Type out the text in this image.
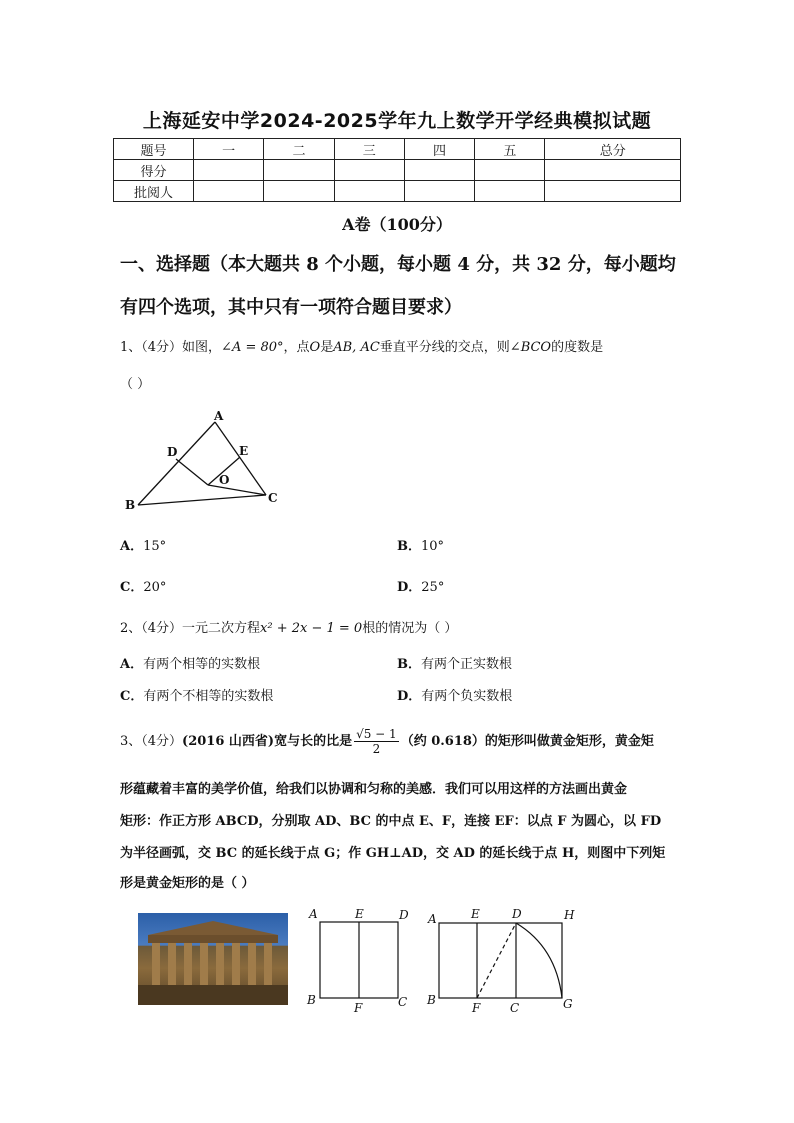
上海延安中学2024-2025学年九上数学开学经典模拟试题
题号	一	二	三	四	五	总分
得分						
批阅人						
A卷（100分）
一、选择题（本大题共 8 个小题，每小题 4 分，共 32 分，每小题均
有四个选项，其中只有一项符合题目要求）
1、（4分）如图，∠A = 80°，点O是AB, AC垂直平分线的交点，则∠BCO的度数是
（ ）
A
D	E
O
B	C
A．15°	B．10°
C．20°	D．25°
2、（4分）一元二次方程x² + 2x − 1 = 0根的情况为（ ）
A．有两个相等的实数根	B．有两个正实数根
C．有两个不相等的实数根	D．有两个负实数根
3、（4分）(2016 山西省)宽与长的比是 $\frac{√5 - 1}{2}$ （约 0.618）的矩形叫做黄金矩形，黄金矩
形蕴藏着丰富的美学价值，给我们以协调和匀称的美感．我们可以用这样的方法画出黄金
矩形：作正方形 ABCD，分别取 AD、BC 的中点 E、F，连接 EF：以点 F 为圆心，以 FD
为半径画弧，交 BC 的延长线于点 G；作 GH⊥AD，交 AD 的延长线于点 H，则图中下列矩
形是黄金矩形的是（ ）
A	E	D
B
F	C
A	E	D	H
B
F C	G
